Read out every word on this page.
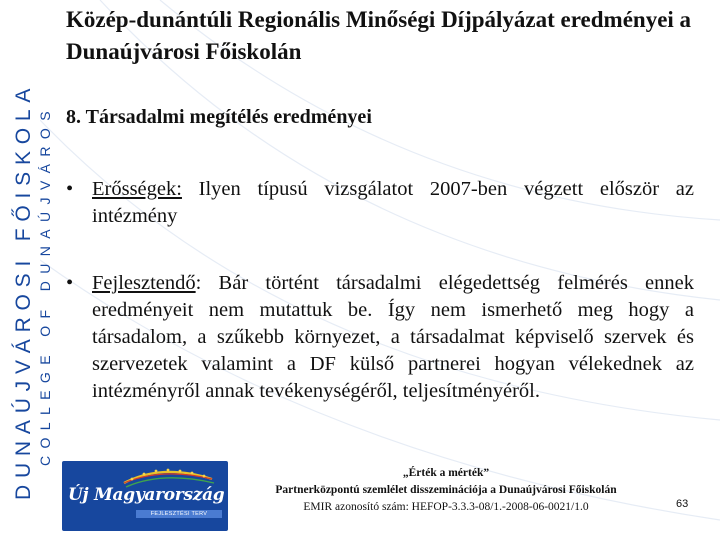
DUNAÚJVÁROSI FŐISKOLA COLLEGE OF DUNAÚJVÁROS
Közép-dunántúli Regionális Minőségi Díjpályázat eredményei a Dunaújvárosi Főiskolán
8. Társadalmi megítélés eredményei
• Erősségek: Ilyen típusú vizsgálatot 2007-ben végzett először az intézmény
• Fejlesztendő: Bár történt társadalmi elégedettség felmérés ennek eredményeit nem mutattuk be. Így nem ismerhető meg hogy a társadalom, a szűkebb környezet, a társadalmat képviselő szervek és szervezetek valamint a DF külső partnerei hogyan vélekednek az intézményről annak tevékenységéről, teljesítményéről.
Új Magyarország
FEJLESZTÉSI TERV
„Érték a mérték”
Partnerközpontú szemlélet disszeminációja a Dunaújvárosi Főiskolán
EMIR azonosító szám: HEFOP-3.3.3-08/1.-2008-06-0021/1.0	63
